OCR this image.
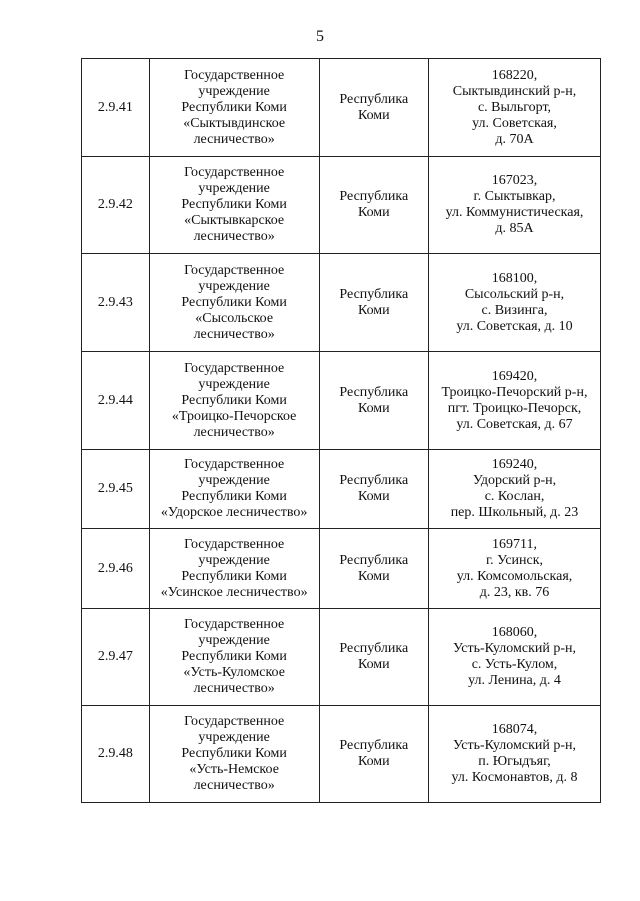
5
2.9.41	Государственное
учреждение
Республики Коми
«Сыктывдинское
лесничество»	Республика
Коми	168220,
Сыктывдинский р-н,
с. Выльгорт,
ул. Советская,
д. 70А

2.9.42	Государственное
учреждение
Республики Коми
«Сыктывкарское
лесничество»	Республика
Коми	167023,
г. Сыктывкар,
ул. Коммунистическая,
д. 85А

2.9.43	Государственное
учреждение
Республики Коми
«Сысольское
лесничество»	Республика
Коми	168100,
Сысольский р-н,
с. Визинга,
ул. Советская, д. 10

2.9.44	Государственное
учреждение
Республики Коми
«Троицко-Печорское
лесничество»	Республика
Коми	169420,
Троицко-Печорский р-н,
пгт. Троицко-Печорск,
ул. Советская, д. 67

2.9.45	Государственное
учреждение
Республики Коми
«Удорское лесничество»	Республика
Коми	169240,
Удорский р-н,
с. Кослан,
пер. Школьный, д. 23

2.9.46	Государственное
учреждение
Республики Коми
«Усинское лесничество»	Республика
Коми	169711,
г. Усинск,
ул. Комсомольская,
д. 23, кв. 76

2.9.47	Государственное
учреждение
Республики Коми
«Усть-Куломское
лесничество»	Республика
Коми	168060,
Усть-Куломский р-н,
с. Усть-Кулом,
ул. Ленина, д. 4

2.9.48	Государственное
учреждение
Республики Коми
«Усть-Немское
лесничество»	Республика
Коми	168074,
Усть-Куломский р-н,
п. Югыдъяг,
ул. Космонавтов, д. 8
